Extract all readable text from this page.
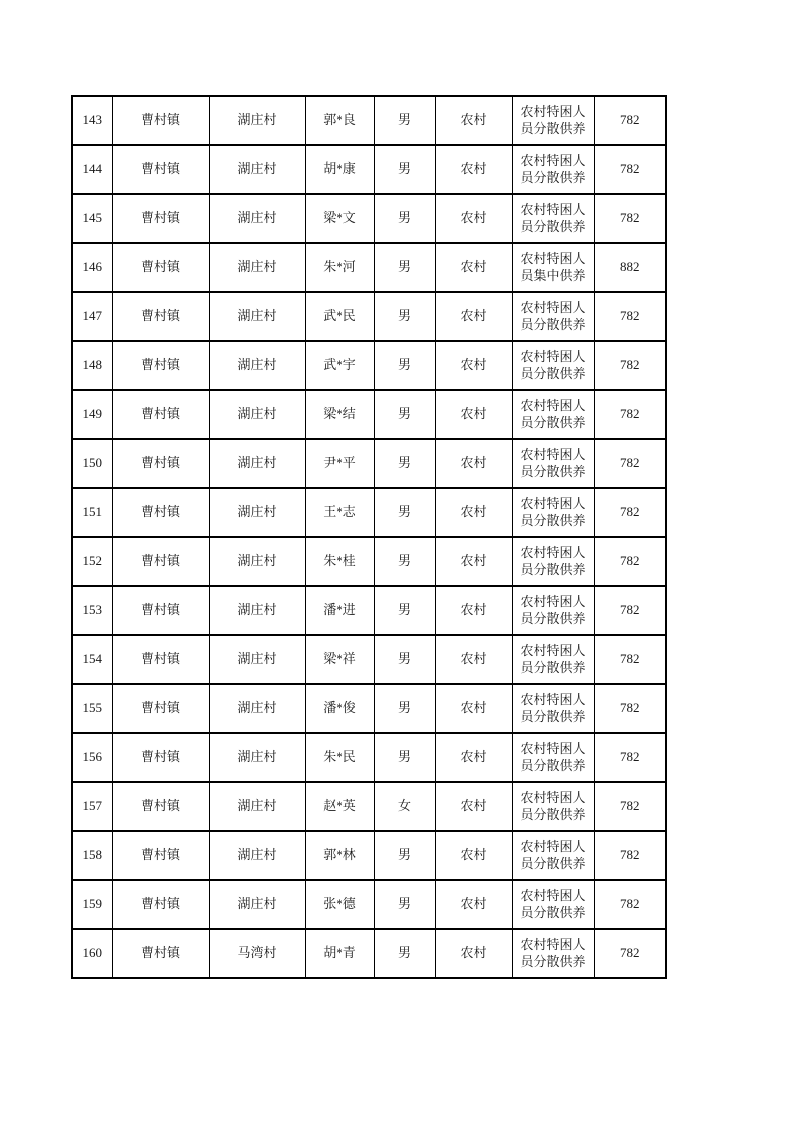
143	曹村镇	湖庄村	郭*良	男	农村	农村特困人员分散供养	782
144	曹村镇	湖庄村	胡*康	男	农村	农村特困人员分散供养	782
145	曹村镇	湖庄村	梁*文	男	农村	农村特困人员分散供养	782
146	曹村镇	湖庄村	朱*河	男	农村	农村特困人员集中供养	882
147	曹村镇	湖庄村	武*民	男	农村	农村特困人员分散供养	782
148	曹村镇	湖庄村	武*宇	男	农村	农村特困人员分散供养	782
149	曹村镇	湖庄村	梁*结	男	农村	农村特困人员分散供养	782
150	曹村镇	湖庄村	尹*平	男	农村	农村特困人员分散供养	782
151	曹村镇	湖庄村	王*志	男	农村	农村特困人员分散供养	782
152	曹村镇	湖庄村	朱*桂	男	农村	农村特困人员分散供养	782
153	曹村镇	湖庄村	潘*进	男	农村	农村特困人员分散供养	782
154	曹村镇	湖庄村	梁*祥	男	农村	农村特困人员分散供养	782
155	曹村镇	湖庄村	潘*俊	男	农村	农村特困人员分散供养	782
156	曹村镇	湖庄村	朱*民	男	农村	农村特困人员分散供养	782
157	曹村镇	湖庄村	赵*英	女	农村	农村特困人员分散供养	782
158	曹村镇	湖庄村	郭*林	男	农村	农村特困人员分散供养	782
159	曹村镇	湖庄村	张*德	男	农村	农村特困人员分散供养	782
160	曹村镇	马湾村	胡*青	男	农村	农村特困人员分散供养	782
